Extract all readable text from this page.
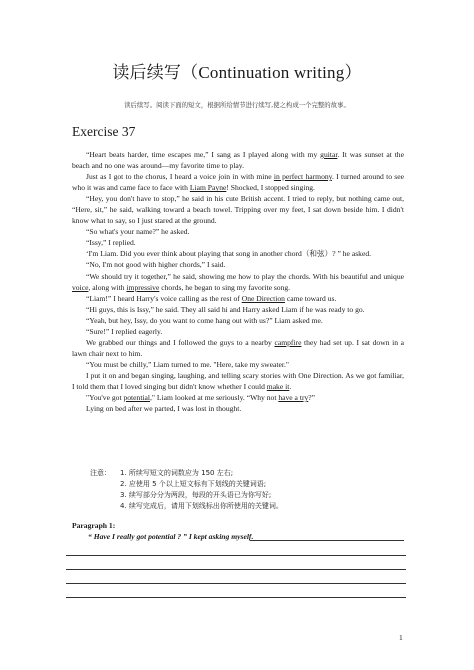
读后续写（Continuation writing）
读后续写。阅读下面的短文，根据所给情节进行续写,使之构成一个完整的故事。
Exercise 37

“Heart beats harder, time escapes me,” I sang as I played along with my guitar. It was sunset at the beach and no one was around—my favorite time to play.

Just as I got to the chorus, I heard a voice join in with mine in perfect harmony. I turned around to see who it was and came face to face with Liam Payne! Shocked, I stopped singing.

“Hey, you don't have to stop,” he said in his cute British accent. I tried to reply, but nothing came out, “Here, sit,” he said, walking toward a beach towel. Tripping over my feet, I sat down beside him. I didn't know what to say, so I just stared at the ground.

“So what's your name?” he asked.

“Issy,” I replied.

‘I'm Liam. Did you ever think about playing that song in another chord（和弦）? ” he asked.

“No, I'm not good with higher chords,” I said.

“We should try it together,” he said, showing me how to play the chords. With his beautiful and unique voice, along with impressive chords, he began to sing my favorite song.

“Liam!” I heard Harry's voice calling as the rest of One Direction came toward us.

“Hi guys, this is Issy,” he said. They all said hi and Harry asked Liam if he was ready to go.

“Yeah, but hey, Issy, do you want to come hang out with us?” Liam asked me.

“Sure!” I replied eagerly.

We grabbed our things and I followed the guys to a nearby campfire they had set up. I sat down in a lawn chair next to him.

“You must be chilly,” Liam turned to me. "Here, take my sweater."

I put it on and began singing, laughing, and telling scary stories with One Direction. As we got familiar, I told them that I loved singing but didn't know whether I could make it.

"You've got potential," Liam looked at me seriously. “Why not have a try?”

Lying on bed after we parted, I was lost in thought.

注意：	1. 所续写短文的词数应为 150 左右;
2. 应使用 5 个以上短文标有下划线的关键词语;
3. 续写部分分为两段，每段的开头语已为你写好;
4. 续写完成后，请用下划线标出你所使用的关键词。
Paragraph 1:
“ Have I really got potential ? ” I kept asking myself.
1
